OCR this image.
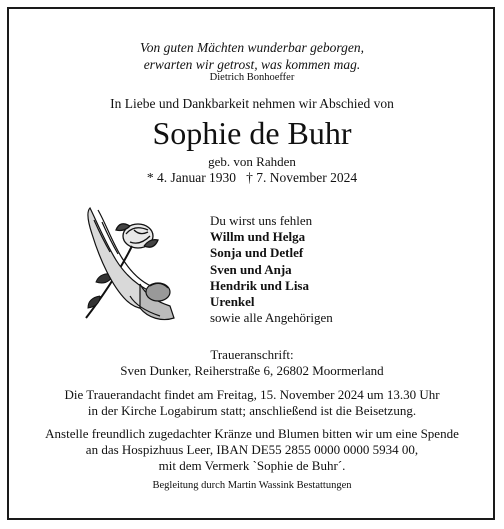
Von guten Mächten wunderbar geborgen,
erwarten wir getrost, was kommen mag.
Dietrich Bonhoeffer
In Liebe und Dankbarkeit nehmen wir Abschied von
Sophie de Buhr
geb. von Rahden
* 4. Januar 1930   † 7. November 2024
Du wirst uns fehlen
Willm und Helga
Sonja und Detlef
Sven und Anja
Hendrik und Lisa
Urenkel
sowie alle Angehörigen
Traueranschrift:
Sven Dunker, Reiherstraße 6, 26802 Moormerland
Die Trauerandacht findet am Freitag, 15. November 2024 um 13.30 Uhr
in der Kirche Logabirum statt; anschließend ist die Beisetzung.
Anstelle freundlich zugedachter Kränze und Blumen bitten wir um eine Spende
an das Hospizhuus Leer, IBAN DE55 2855 0000 0000 5934 00,
mit dem Vermerk `Sophie de Buhr´.
Begleitung durch Martin Wassink Bestattungen
